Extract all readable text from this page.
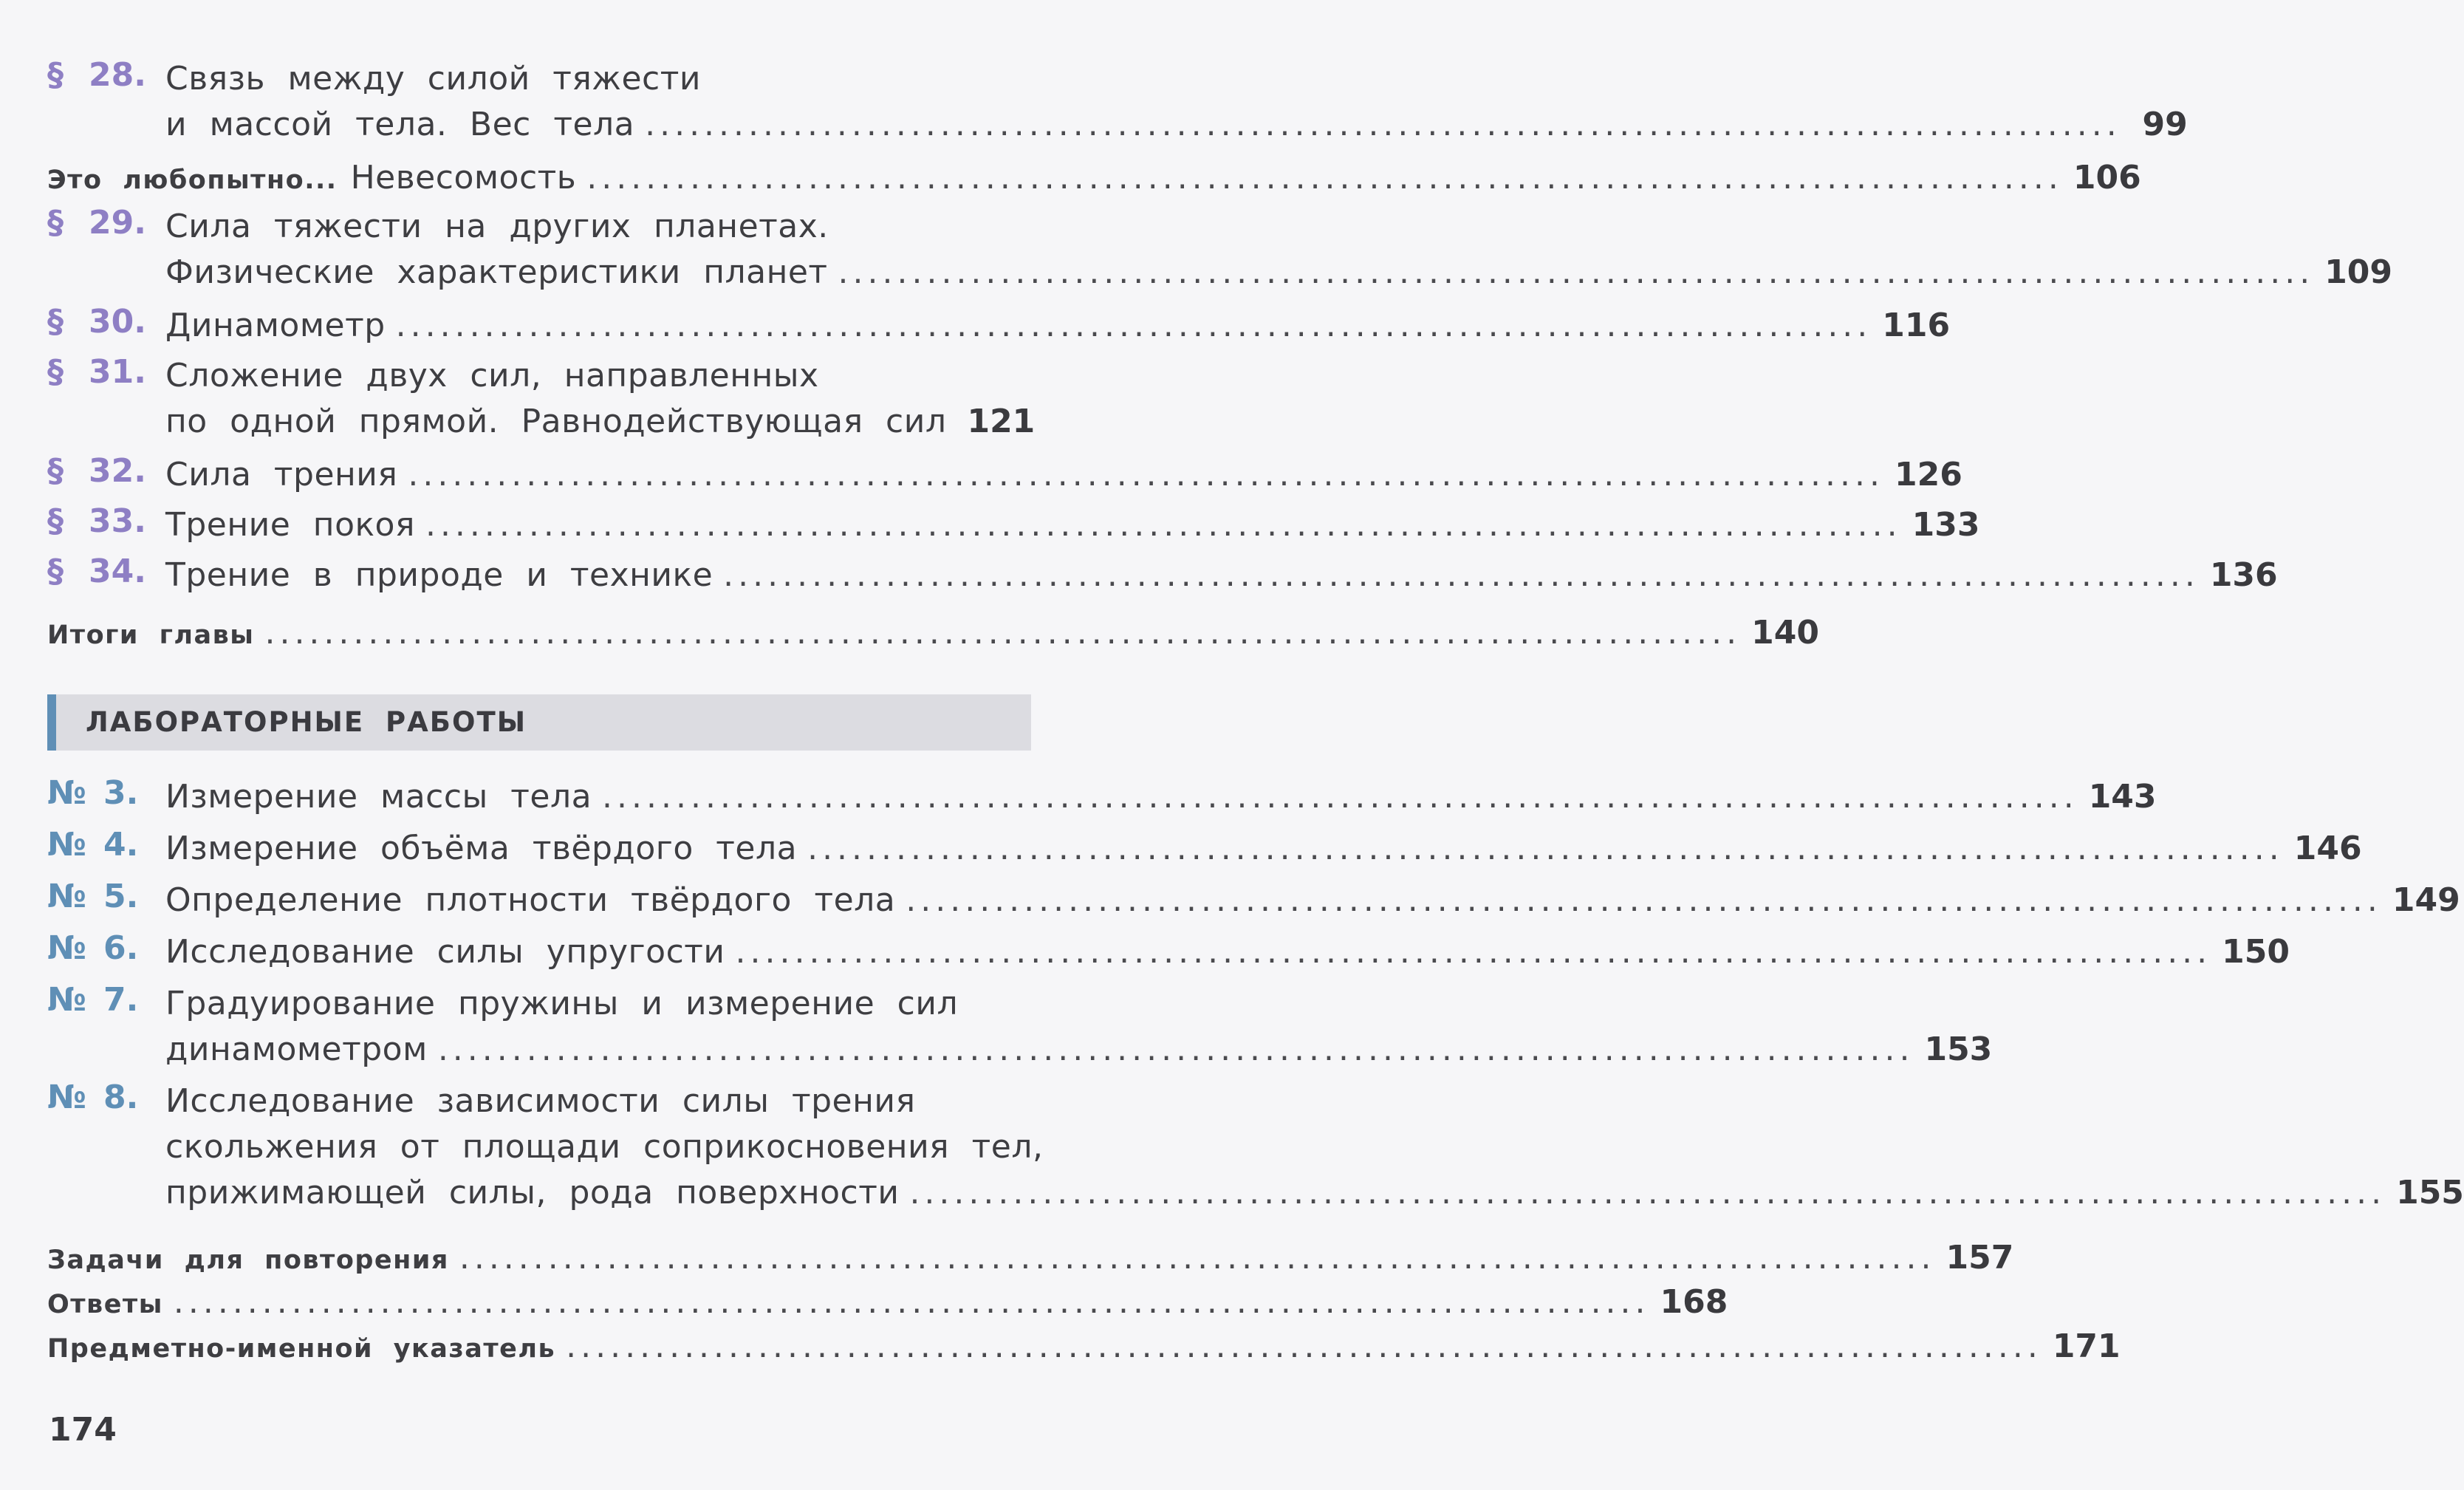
§ 28. Связь между силой тяжести
и массой тела. Вес тела .................................................................................................... 99
Это любопытно... Невесомость .................................................................................................... 106
§ 29. Сила тяжести на других планетах.
Физические характеристики планет .................................................................................................... 109
§ 30. Динамометр .................................................................................................... 116
§ 31. Сложение двух сил, направленных
по одной прямой. Равнодействующая сил 121
§ 32. Сила трения .................................................................................................... 126
§ 33. Трение покоя .................................................................................................... 133
§ 34. Трение в природе и технике .................................................................................................... 136
Итоги главы .................................................................................................... 140
ЛАБОРАТОРНЫЕ РАБОТЫ
№ 3. Измерение массы тела .................................................................................................... 143
№ 4. Измерение объёма твёрдого тела .................................................................................................... 146
№ 5. Определение плотности твёрдого тела .................................................................................................... 149
№ 6. Исследование силы упругости .................................................................................................... 150
№ 7. Градуирование пружины и измерение сил
динамометром .................................................................................................... 153
№ 8. Исследование зависимости силы трения
скольжения от площади соприкосновения тел,
прижимающей силы, рода поверхности .................................................................................................... 155
Задачи для повторения .................................................................................................... 157
Ответы .................................................................................................... 168
Предметно-именной указатель .................................................................................................... 171
174
